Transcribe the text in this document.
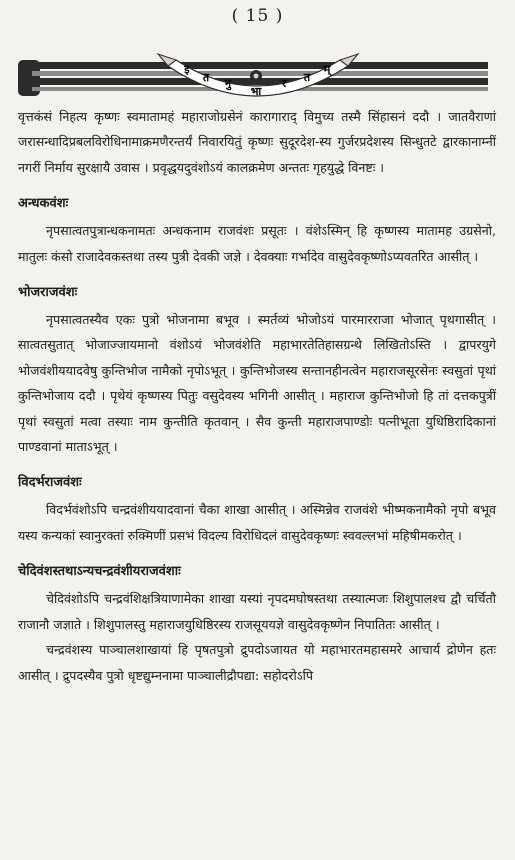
( 15 )
इ
त नु
भा
र त
म्

वृत्तकंसं निहत्य कृष्णः स्वमातामहं महाराजोग्रसेनं कारागाराद् विमुच्य तस्मै सिंहासनं ददौ । जातवैराणां जरासन्धादिप्रबलविरोधिनामाक्रमणैरन्तर्यं निवारयितुं कृष्णः सुदूरदेश-स्य गुर्जरप्रदेशस्य सिन्धुतटे द्वारकानाम्नीं नगरीं निर्माय सुरक्षायै उवास । प्रवृद्धयदुवंशोऽयं कालक्रमेण अन्ततः गृहयुद्धे विनष्टः ।

अन्धकवंशः

नृपसात्वतपुत्रान्धकनामतः अन्धकनाम राजवंशः प्रसूतः । वंशेऽस्मिन् हि कृष्णस्य मातामह उग्रसेनो, मातुलः कंसो राजादेवकस्तथा तस्य पुत्री देवकी जज्ञे । देवक्याः गर्भादेव वासुदेवकृष्णोऽप्यवतरित आसीत् ।

भोजराजवंशः

नृपसात्वतस्यैव एकः पुत्रो भोजनामा बभूव । स्मर्तव्यं भोजोऽयं पारमारराजा भोजात् पृथगासीत् । सात्वतसुतात् भोजाज्जायमानो वंशोऽयं भोजवंशेति महाभारतेतिहासग्रन्थे लिखितोऽस्ति । द्वापरयुगे भोजवंशीययादवेषु कुन्तिभोज नामैको नृपोऽभूत् । कुन्तिभोजस्य सन्तानहीनत्वेन महाराजसूरसेनः स्वसुतां पृथां कुन्तिभोजाय ददौ । पृथेयं कृष्णस्य पितुः वसुदेवस्य भगिनी आसीत् । महाराज कुन्तिभोजो हि तां दत्तकपुत्रीं पृथां स्वसुतां मत्वा तस्याः नाम कुन्तीति कृतवान् । सैव कुन्ती महाराजपाण्डोः पत्नीभूता युधिष्ठिरादिकानां पाण्डवानां माताऽभूत् ।

विदर्भराजवंशः

विदर्भवंशोऽपि चन्द्रवंशीययादवानां चैका शाखा आसीत् । अस्मिन्नेव राजवंशे भीष्मकनामैको नृपो बभूव यस्य कन्यकां स्वानुरक्तां रुक्मिणीं प्रसभं विदल्य विरोधिदलं वासुदेवकृष्णः स्ववल्लभां महिषीमकरोत् ।

चेदिवंशस्तथाऽन्यचन्द्रवंशीयराजवंशाः

चेदिवंशोऽपि चन्द्रवंशिक्षत्रियाणामेका शाखा यस्यां नृपदमघोषस्तथा तस्यात्मजः शिशुपालश्च द्वौ चर्चितौ राजानौ जज्ञाते । शिशुपालस्तु महाराजयुधिष्ठिरस्य राजसूययज्ञे वासुदेवकृष्णेन निपातितः आसीत् ।

चन्द्रवंशस्य पाञ्चालशाखायां हि पृषतपुत्रो द्रुपदोऽजायत यो महाभारतमहासमरे आचार्य द्रोणेन हतः आसीत् । द्रुपदस्यैव पुत्रो धृष्टद्युम्ननामा पाञ्चालीद्रौपद्या: सहोदरोऽपि
